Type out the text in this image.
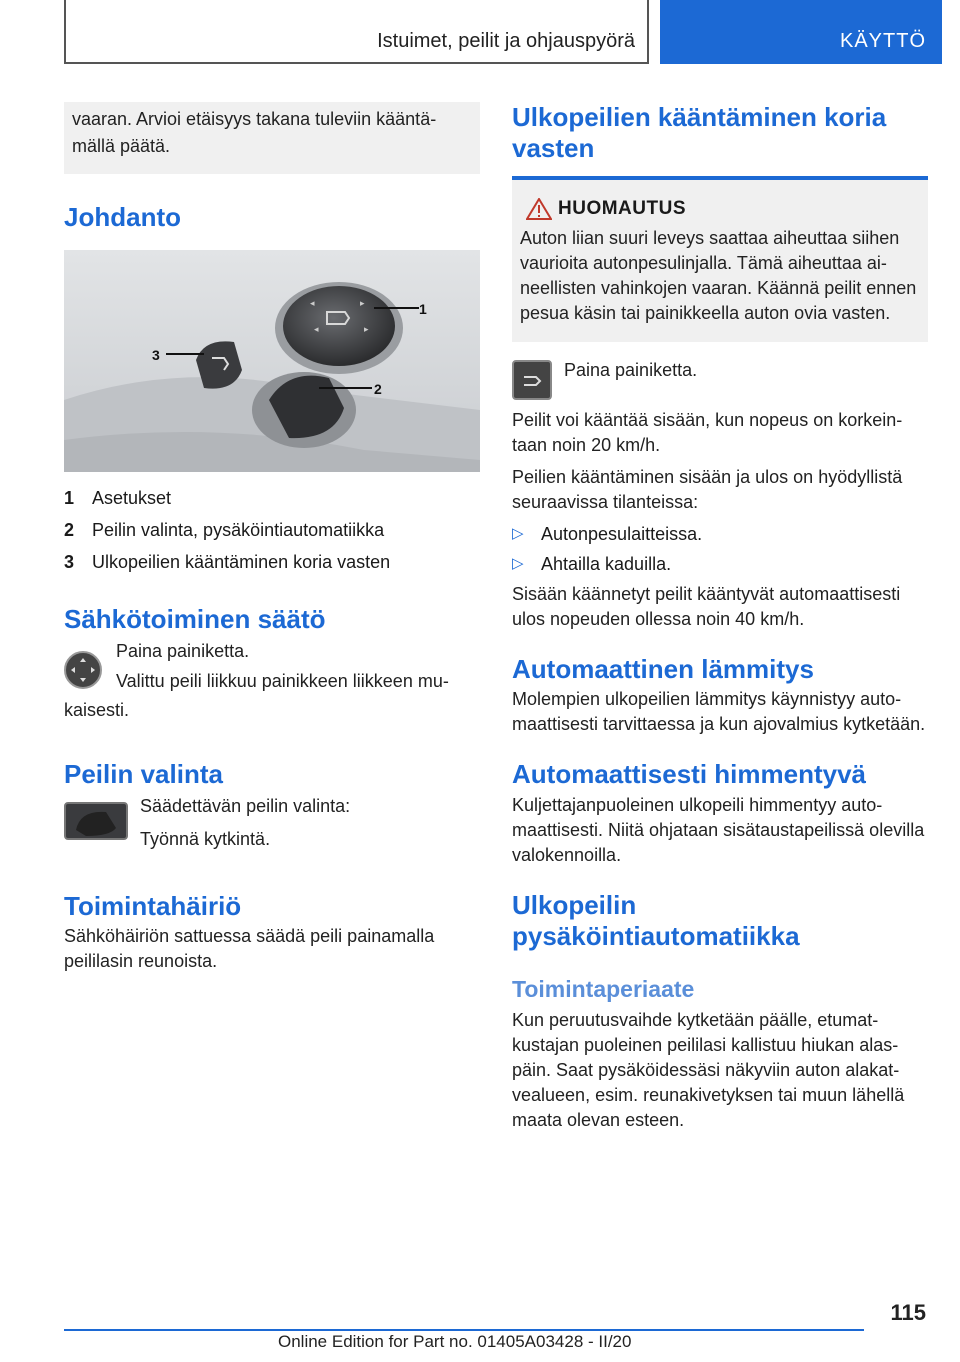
Istuimet, peilit ja ohjauspyörä	KÄYTTÖ

vaaran. Arvioi etäisyys takana tuleviin kääntämällä päätä.

Johdanto
◂	▸
◂	▸
1
2
3
1 Asetukset
2 Peilin valinta, pysäköintiautomatiikka
3 Ulkopeilien kääntäminen koria vasten
Sähkötoiminen säätö

Paina painiketta.

Valittu peili liikkuu painikkeen liikkeen mukaisesti.

Peilin valinta

Säädettävän peilin valinta:

Työnnä kytkintä.

Toimintahäiriö

Sähköhäiriön sattuessa säädä peili painamalla peililasin reunoista.

Ulkopeilien kääntäminen koria vasten
HUOMAUTUS

Auton liian suuri leveys saattaa aiheuttaa siihen vaurioita autonpesulinjalla. Tämä aiheuttaa aineellisten vahinkojen vaaran. Käännä peilit ennen pesua käsin tai painikkeella auton ovia vasten.

Paina painiketta.

Peilit voi kääntää sisään, kun nopeus on korkeintaan noin 20 km/h.

Peilien kääntäminen sisään ja ulos on hyödyllistä seuraavissa tilanteissa:

▷ Autonpesulaitteissa.
▷ Ahtailla kaduilla.

Sisään käännetyt peilit kääntyvät automaattisesti ulos nopeuden ollessa noin 40 km/h.

Automaattinen lämmitys

Molempien ulkopeilien lämmitys käynnistyy automaattisesti tarvittaessa ja kun ajovalmius kytketään.

Automaattisesti himmentyvä

Kuljettajanpuoleinen ulkopeili himmentyy automaattisesti. Niitä ohjataan sisätaustapeilissä olevilla valokennoilla.

Ulkopeilin pysäköintiautomatiikka
Toimintaperiaate

Kun peruutusvaihde kytketään päälle, etumatkustajan puoleinen peililasi kallistuu hiukan alaspäin. Saat pysäköidessäsi näkyviin auton alakatvealueen, esim. reunakivetyksen tai muun lähellä maata olevan esteen.

115
Online Edition for Part no. 01405A03428 - II/20
